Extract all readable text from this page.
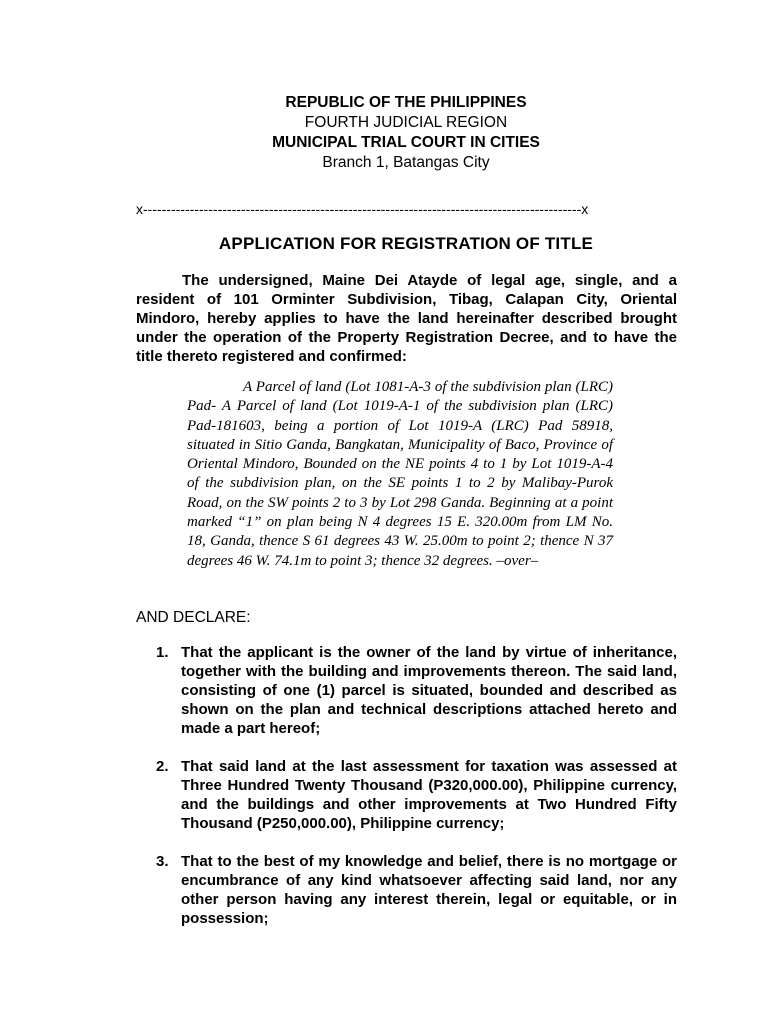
REPUBLIC OF THE PHILIPPINES
FOURTH JUDICIAL REGION
MUNICIPAL TRIAL COURT IN CITIES
Branch 1, Batangas City
x----------------------------------------------------------------------------------------------x
APPLICATION FOR REGISTRATION OF TITLE
The undersigned, Maine Dei Atayde of legal age, single, and a resident of 101 Orminter Subdivision, Tibag, Calapan City, Oriental Mindoro, hereby applies to have the land hereinafter described brought under the operation of the Property Registration Decree, and to have the title thereto registered and confirmed:
A Parcel of land (Lot 1081-A-3 of the subdivision plan (LRC) Pad- A Parcel of land (Lot 1019-A-1 of the subdivision plan (LRC) Pad-181603, being a portion of Lot 1019-A (LRC) Pad 58918, situated in Sitio Ganda, Bangkatan, Municipality of Baco, Province of Oriental Mindoro, Bounded on the NE points 4 to 1 by Lot 1019-A-4 of the subdivision plan, on the SE points 1 to 2 by Malibay-Purok Road, on the SW points 2 to 3 by Lot 298 Ganda. Beginning at a point marked “1” on plan being N 4 degrees 15 E. 320.00m from LM No. 18, Ganda, thence S 61 degrees 43 W. 25.00m to point 2; thence N 37 degrees 46 W. 74.1m to point 3; thence 32 degrees. –over–
AND DECLARE:
1. That the applicant is the owner of the land by virtue of inheritance, together with the building and improvements thereon. The said land, consisting of one (1) parcel is situated, bounded and described as shown on the plan and technical descriptions attached hereto and made a part hereof;
2. That said land at the last assessment for taxation was assessed at Three Hundred Twenty Thousand (P320,000.00), Philippine currency, and the buildings and other improvements at Two Hundred Fifty Thousand (P250,000.00), Philippine currency;
3. That to the best of my knowledge and belief, there is no mortgage or encumbrance of any kind whatsoever affecting said land, nor any other person having any interest therein, legal or equitable, or in possession;
